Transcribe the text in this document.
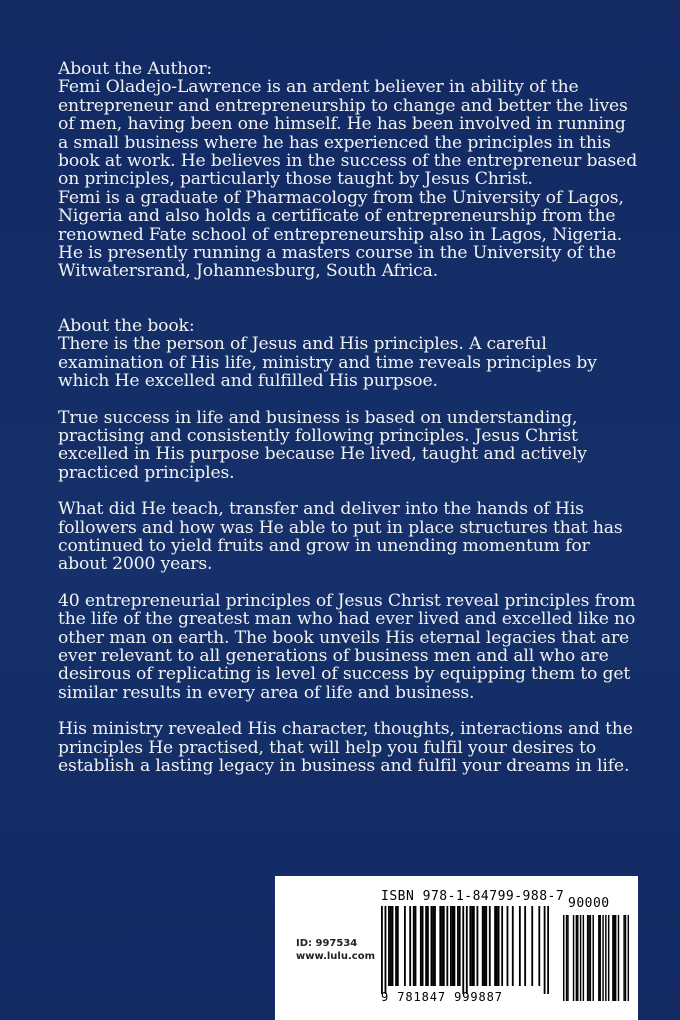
About the Author:

Femi Oladejo-Lawrence is an ardent believer in ability of the entrepreneur and entrepreneurship to change and better the lives of men, having been one himself. He has been involved in running a small business where he has experienced the principles in this book at work. He believes in the success of the entrepreneur based on principles, particularly those taught by Jesus Christ.

Femi is a graduate of Pharmacology from the University of Lagos, Nigeria and also holds a certificate of entrepreneurship from the renowned Fate school of entrepreneurship also in Lagos, Nigeria. He is presently running a masters course in the University of the Witwatersrand, Johannesburg, South Africa.

About the book:

There is the person of Jesus and His principles. A careful examination of His life, ministry and time reveals principles by which He excelled and fulfilled His purpsoe.

True success in life and business is based on understanding, practising and consistently following principles. Jesus Christ excelled in His purpose because He lived, taught and actively practiced principles.

What did He teach, transfer and deliver into the hands of His followers and how was He able to put in place structures that has continued to yield fruits and grow in unending momentum for about 2000 years.

40 entrepreneurial principles of Jesus Christ reveal principles from the life of the greatest man who had ever lived and excelled like no other man on earth. The book unveils His eternal legacies that are ever relevant to all generations of business men and all who are desirous of replicating is level of success by equipping them to get similar results in every area of life and business.

His ministry revealed His character, thoughts, interactions and the principles He practised, that will help you fulfil your desires to establish a lasting legacy in business and fulfil your dreams in life.

ISBN 978-1-84799-988-7 90000
ID: 997534
www.lulu.com
9 781847 999887
